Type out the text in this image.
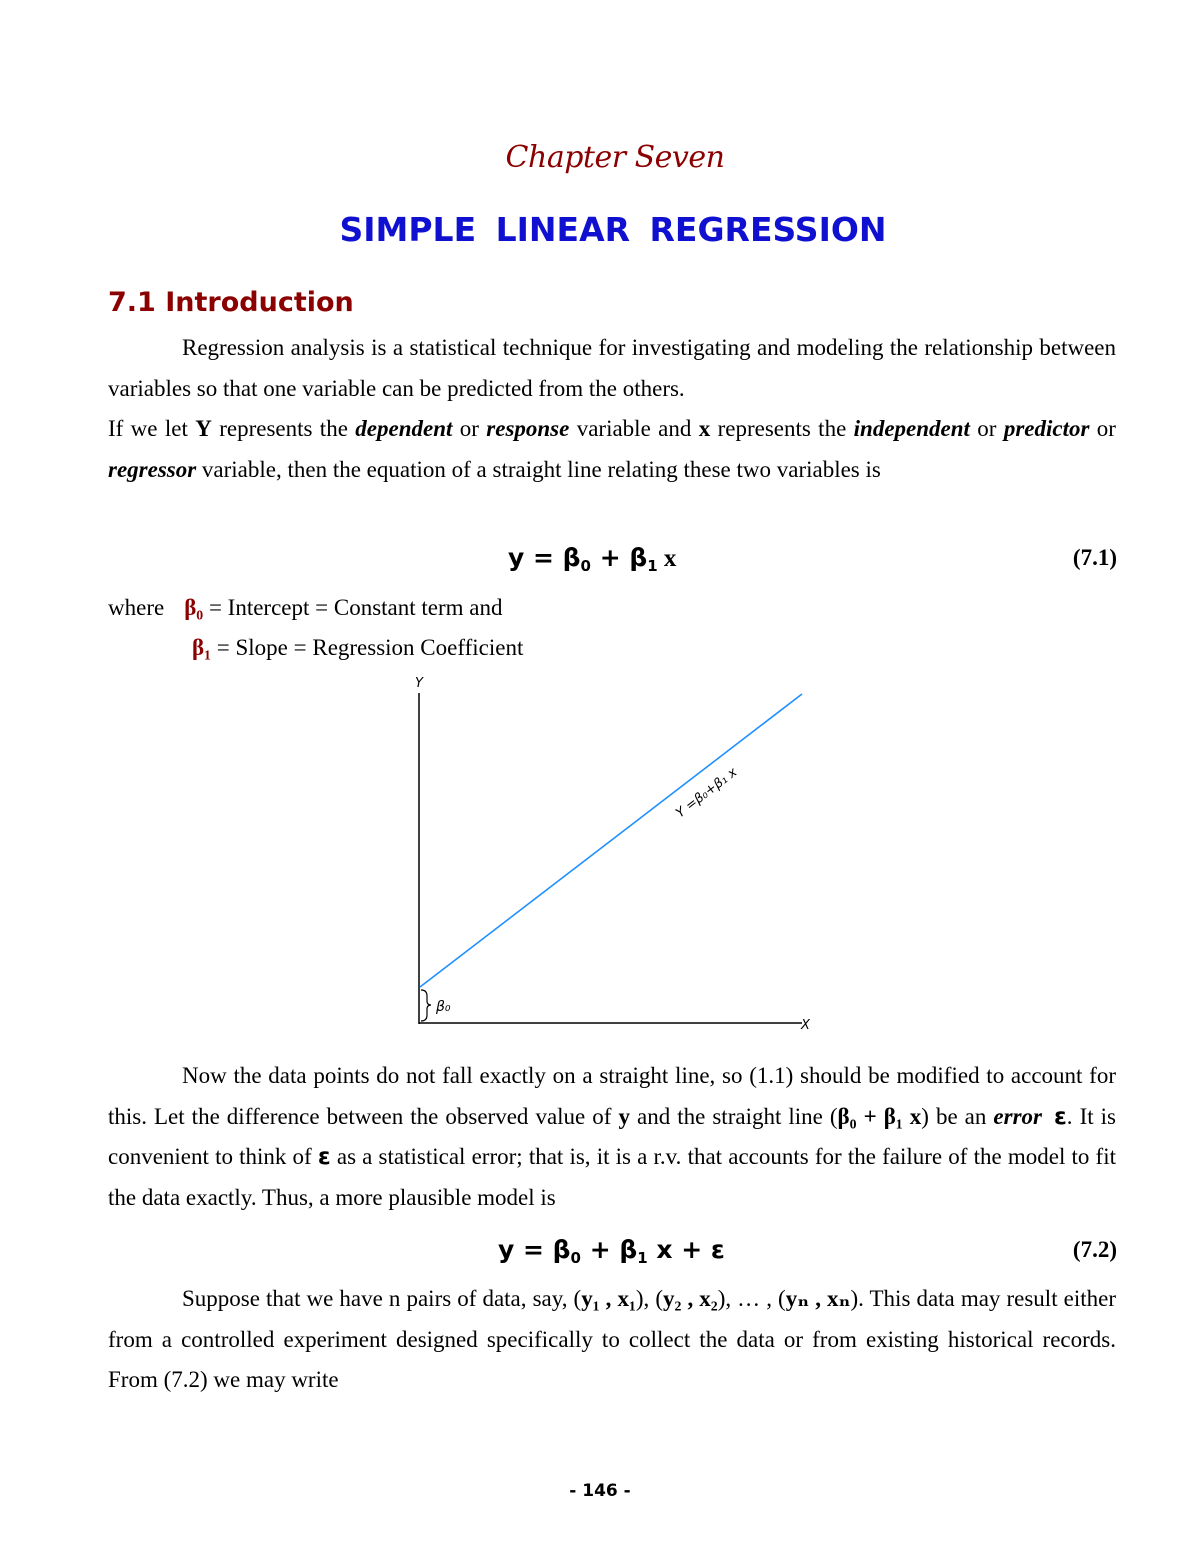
Chapter Seven
SIMPLE LINEAR REGRESSION
7.1 Introduction

Regression analysis is a statistical technique for investigating and modeling the relationship between variables so that one variable can be predicted from the others.

If we let Y represents the dependent or response variable and x represents the independent or predictor or regressor variable, then the equation of a straight line relating these two variables is

$y = \beta_0 + \beta_1$ x	(7.1)
where β₀ = Intercept = Constant term and
β₁ = Slope = Regression Coefficient
Y
X
Y =β₀+β₁ x
β₀

Now the data points do not fall exactly on a straight line, so (1.1) should be modified to account for this. Let the difference between the observed value of y and the straight line (β₀ + β₁ x) be an error ε. It is convenient to think of ε as a statistical error; that is, it is a r.v. that accounts for the failure of the model to fit the data exactly. Thus, a more plausible model is

$y = \beta_0 + \beta_1$ x + ε	(7.2)

Suppose that we have n pairs of data, say, (y₁ , x₁), (y₂ , x₂), … , (yₙ , xₙ). This data may result either from a controlled experiment designed specifically to collect the data or from existing historical records. From (7.2) we may write

- 146 -
